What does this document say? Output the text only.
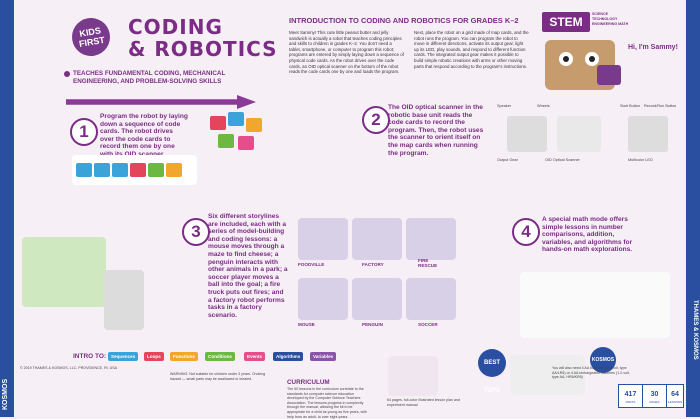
KOSMOS
THAMES & KOSMOS
KIDS FIRST
CODING
& ROBOTICS
INTRODUCTION TO CODING AND ROBOTICS FOR GRADES K–2
Meet Sammy! This cute little peanut butter and jelly sandwich is actually a robot that teaches coding principles and skills to children in grades K–2. You don't need a tablet, smartphone, or computer to program this robot; programs are entered by simply laying down a sequence of physical code cards. As the robot drives over the code cards, an OID optical scanner on the bottom of the robot reads the code cards one by one and loads the program. Next, place the robot on a grid made of map cards, and the robot runs the program. You can program the robot to move in different directions, activate its output gear, light up its LED, play sounds, and respond to different function cards. The integrated output gear makes it possible to build simple robotic creations with arms or other moving parts that respond according to the program's instructions.
STEM
SCIENCE TECHNOLOGY ENGINEERING MATH
Hi, I'm Sammy!
TEACHES FUNDAMENTAL CODING, MECHANICAL ENGINEERING, AND PROBLEM-SOLVING SKILLS
1
Program the robot by laying down a sequence of code cards. The robot drives over the code cards to record them one by one
2
The OID optical scanner in the robotic base unit reads the code cards to record the program. Then, the robot uses the scanner to orient itself on the map cards when running the program.
Speaker	Wheels
Output Gear	OID Optical Scanner
Start Button Record/Run Button
Multicolor LED
3
Six different storylines are included, each with a series of model-building and coding lessons: a mouse moves through a maze to find cheese; a penguin interacts with other animals in a park; a soccer player moves a ball into the goal; a fire truck puts out fires; and a factory robot performs tasks in a factory scenario.
FOODVILLE	FACTORY
FIRE RESCUE
MOUSE	PENGUIN	SOCCER
4
A special math mode offers simple lessons in number comparisons, addition, variables, and algorithms for hands-on math explorations.
INTRO TO:	Sequences	Loops	Functions	Conditions	Events	Algorithms	Variables
© 2019 THAMES & KOSMOS, LLC, PROVIDENCE, RI, USA
WARNING: Not suitable for children under 3 years. Choking hazard — small parts may be swallowed or inhaled.
CURRICULUM
The 50 lessons in the curriculum correlate to the standards for computer science education developed by the Computer Science Teachers Association. The lessons progress in complexity through the manual, allowing the kit to be appropriate for a child as young as five years, with help from an adult, to over eight years.
64 pages, full-color illustrated lesson plan and experiment manual
BEST TOYS
KOSMOS
You will also need 4 AA batteries (1.5-volt, type AA/LR6) or 4 AA rechargeable batteries (1.2-volt, type AA, HR6/KR6)
417
PARTS
30
PAGES
64
LESSONS
